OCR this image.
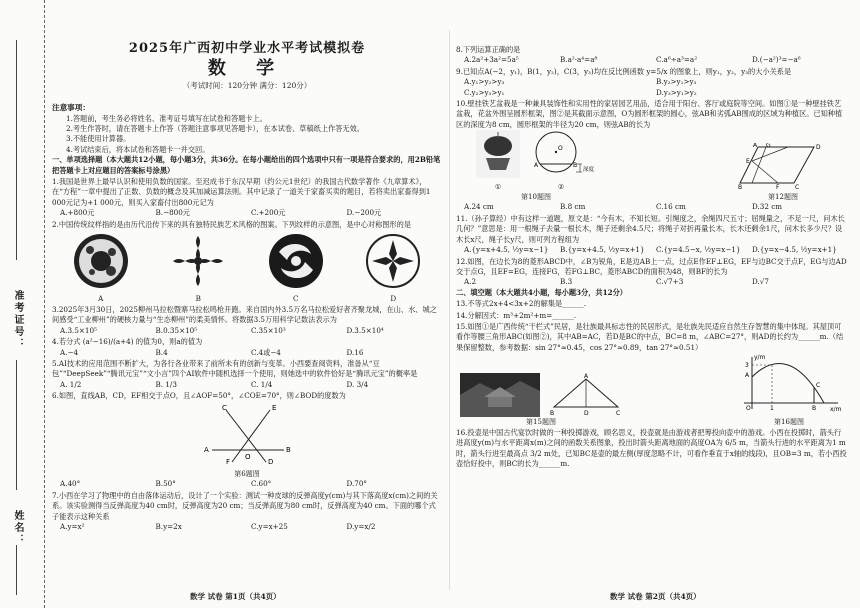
准考证号：
姓名：
2025年广西初中学业水平考试模拟卷
数 学
（考试时间：120分钟 满分：120分）
注意事项：
1.答题前，考生务必将姓名、准考证号填写在试卷和答题卡上。
2.考生作答时，请在答题卡上作答（答题注意事项见答题卡），在本试卷、草稿纸上作答无效。
3.不能使用计算器。
4.考试结束后，将本试卷和答题卡一并交回。
一、单项选择题（本大题共12小题，每小题3分，共36分。在每小题给出的四个选项中只有一项是符合要求的，用2B铅笔把答题卡上对应题目的答案标号涂黑）
1.我国是世界上最早认识和使用负数的国家。至迟成书于东汉早期（约公元1世纪）的我国古代数学著作《九章算术》，在“方程”一章中提出了正数、负数的概念及其加减运算法则。其中记录了一道关于家畜买卖的题目，若将卖出家畜得到1 000元记为+1 000元，则买入家畜付出800元记为
A.+800元	B.−800元	C.+200元	D.−200元
2.中国传统纹样指的是由历代沿传下来的具有独特民族艺术风格的图案。下列纹样的示意图，是中心对称图形的是
A	B	C	D
3.2025年3月30日，2025柳州马拉松暨寨马拉松鸣枪开跑。来自国内外3.5万名马拉松爱好者齐聚龙城，在山、水、城之间感受“工业柳州”的硬核力量与“生态柳州”的柔美情怀。将数据3.5万用科学记数法表示为
A.3.5×10⁵	B.0.35×10⁵	C.35×10³	D.3.5×10⁴
4.若分式 (a²−16)/(a+4) 的值为0，则a的值为
A.−4	B.4	C.4或−4	D.16
5.AI技术的应用范围不断扩大，为各行各业带来了前所未有的创新与变革。小西要查阅资料，准备从“豆包”“DeepSeek”“腾讯元宝”“文小言”四个AI软件中随机选择一个使用，则她选中的软件恰好是“腾讯元宝”的概率是
A. 1/2	B. 1/3	C. 1/4	D. 3/4
6.如图，直线AB，CD，EF相交于点O，且∠AOF=50°，∠COE=70°，则∠BOD的度数为
A	B
C
D
E
F
O
第6题图
A.40°	B.50°	C.60°	D.70°
7.小西在学习了物理中的自由落体运动后，设计了一个实验：测试一种皮球的反弹高度y(cm)与其下落高度x(cm)之间的关系。该实验测得当反弹高度为40 cm时，反弹高度为20 cm；当反弹高度为80 cm时，反弹高度为40 cm。下面的哪个式子能表示这种关系
A.y=x²	B.y=2x	C.y=x+25	D.y=x/2
数学 试卷 第1页（共4页）
8.下列运算正确的是
A.2a²+3a²=5a⁵	B.a²·a⁴=a⁸	C.a⁶÷a³=a²	D.(−a²)³=−a⁶
9.已知点A(−2，y₁)，B(1，y₂)，C(3，y₃)均在反比例函数 y=5/x 的图象上，则y₁，y₂，y₃的大小关系是
A.y₁>y₂>y₃	B.y₂>y₁>y₃
C.y₂>y₃>y₁	D.y₃>y₁>y₂
10.壁挂铁艺盆栽是一种兼具装饰性和实用性的家居园艺用品，适合用于阳台、客厅或庭院等空间。如图①是一种壁挂铁艺盆栽，花盆外围呈圆形框架，图②是其截面示意图，O为圆形框架的圆心，弦AB和劣弧AB围成的区域为种植区。已知种植区的深度为8 cm，圆形框架的半径为20 cm，则弦AB的长为
①
O
A	B
深度
②
第10题图
A G	D
B	F	C
E
第12题图
A.24 cm	B.8 cm	C.16 cm	D.32 cm
11.（孙子算经）中有这样一道题，原文是：“今有木，不知长短。引绳度之，余绳四尺五寸；屈绳量之，不足一尺，问木长几何？”意思是：用一根绳子去量一根长木，绳子还剩余4.5尺；将绳子对折再量长木，长木还剩余1尺，问木长多少尺？设木长x尺，绳子长y尺，则可列方程组为
A.{y=x+4.5, ½y=x−1}	B.{y=x+4.5, ½y=x+1}	C.{y=4.5−x, ½y=x−1}	D.{y=x−4.5, ½y=x+1}
12.如图，在边长为8的菱形ABCD中，∠B为锐角，E是边AB上一点，过点E作EF⊥EG，EF与边BC交于点F，EG与边AD交于点G，且EF=EG，连接FG，若FG⊥BC，菱形ABCD的面积为48，则BF的长为
A.2	B.3	C.√7+3	D.√7
二、填空题（本大题共4小题，每小题3分，共12分）
13.不等式2x+4<3x+2的解集是______.
14.分解因式：m³+2m²+m=______.
15.如图①是广西传统“干栏式”民居，是壮族最具标志性的民居形式，是壮族先民适应自然生存智慧的集中体现。其屋顶可看作等腰三角形ABC(如图②)，其中AB=AC，若D是BC的中点，BC=8 m，∠ABC=27°，则AD的长约为______m.（结果保留整数，参考数据：sin 27°≈0.45，cos 27°≈0.89，tan 27°≈0.51）
A
B	D	C
第15题图
y/m
x/m
3
A
O	1	B
C
第16题图
16.投壶是中国古代宴饮时做的一种投掷游戏，顾名思义，投壶就是由游戏者把筹投向壶中的游戏。小西在投掷时，箭头行进高度y(m)与水平距离x(m)之间的函数关系图象，投出时箭头距离地面的高度OA为 6/5 m，当箭头行进的水平距离为1 m时，箭头行进至最高点 3/2 m处，已知BC是壶的最左侧(厚度忽略不计，可看作垂直于x轴的线段)，且OB=3 m，若小西投壶恰好投中，则BC的长为______m.
数学 试卷 第2页（共4页）
